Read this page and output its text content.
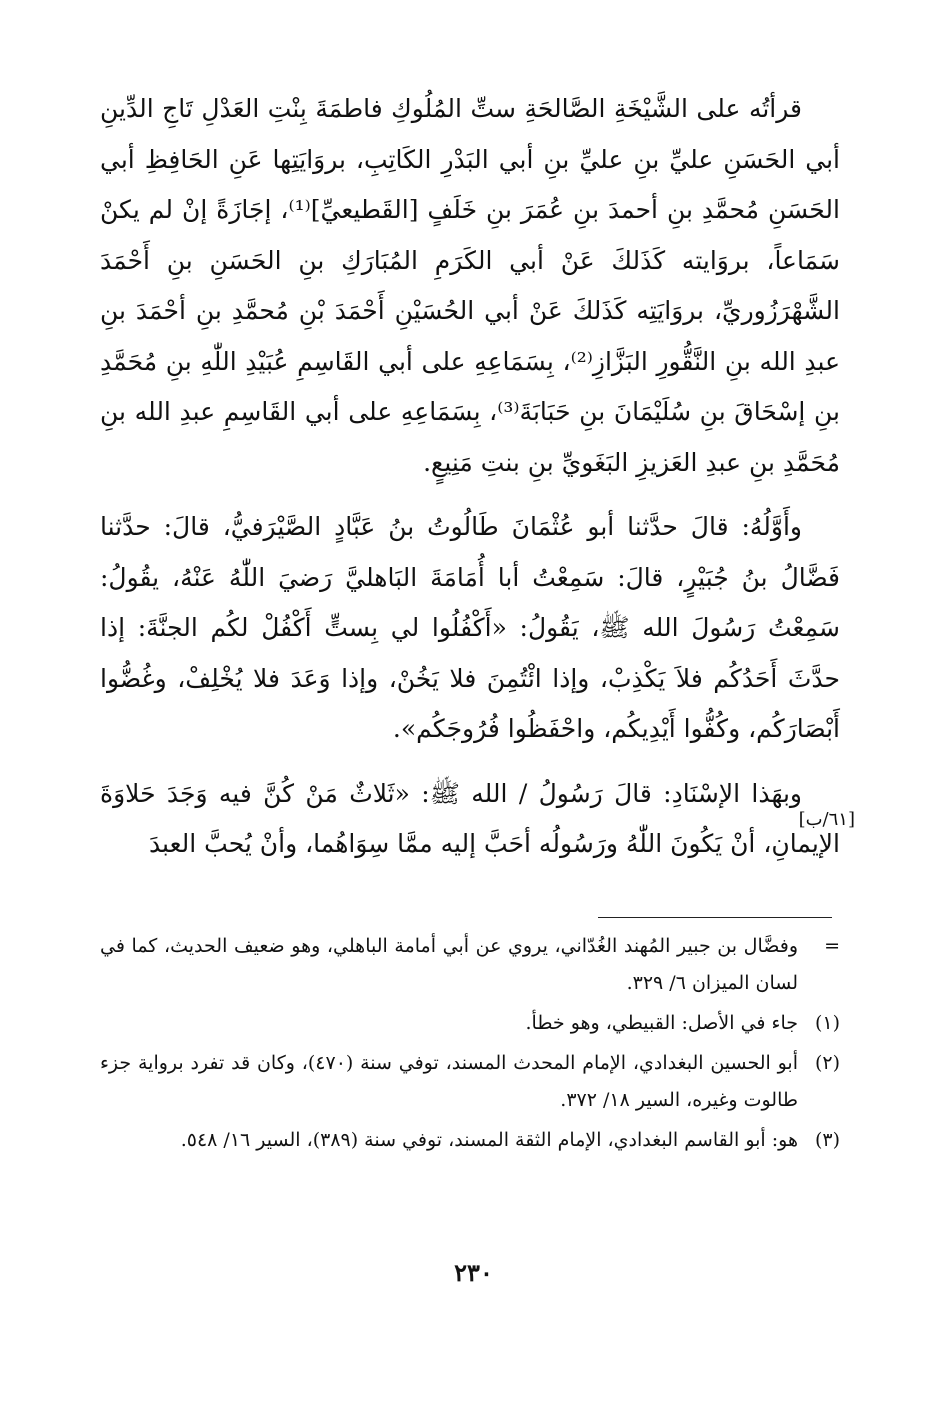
قرأتُه على الشَّيْخَةِ الصَّالحَةِ ستِّ المُلُوكِ فاطمَةَ بِنْتِ العَدْلِ تَاجِ الدِّينِ أبي الحَسَنِ عليِّ بنِ عليِّ بنِ أبي البَدْرِ الكَاتِبِ، بروَايَتِها عَنِ الحَافِظِ أبي الحَسَنِ مُحمَّدِ بنِ أحمدَ بنِ عُمَرَ بنِ خَلَفٍ [القَطيعيِّ]⁽¹⁾، إجَازَةً إنْ لم يكنْ سَمَاعاً، بروَايته كَذَلكَ عَنْ أبي الكَرَمِ المُبَارَكِ بنِ الحَسَنِ بنِ أَحْمَدَ الشَّهْرَزُوريِّ، بروَايَتِه كَذَلكَ عَنْ أبي الحُسَيْنِ أَحْمَدَ بْنِ مُحمَّدِ بنِ أحْمَدَ بنِ عبدِ الله بنِ النَّقُّورِ البَزَّازِ⁽²⁾، بِسَمَاعِهِ على أبي القَاسِمِ عُبَيْدِ اللّٰهِ بنِ مُحَمَّدِ بنِ إسْحَاقَ بنِ سُلَيْمَانَ بنِ حَبَابَةَ⁽³⁾، بِسَمَاعِهِ على أبي القَاسِمِ عبدِ الله بنِ مُحَمَّدِ بنِ عبدِ العَزيزِ البَغَويِّ بنِ بنتِ مَنِيعٍ.

وأَوَّلُهُ: قالَ حدَّثنا أبو عُثْمَانَ طَالُوتُ بنُ عَبَّادٍ الصَّيْرَفيُّ، قالَ: حدَّثنا فَضَّالُ بنُ جُبَيْرٍ، قالَ: سَمِعْتُ أبا أُمَامَةَ البَاهليَّ رَضيَ اللّٰهُ عَنْهُ، يقُولُ: سَمِعْتُ رَسُولَ الله ﷺ، يَقُولُ: «أَكْفُلُوا لي بِستٍّ أَكْفُلْ لكُم الجنَّةَ: إذا حدَّثَ أَحَدُكُم فلاَ يَكْذِبْ، وإذا ائْتُمِنَ فلا يَخُنْ، وإذا وَعَدَ فلا يُخْلِفْ، وغُضُّوا أَبْصَارَكُم، وكُفُّوا أَيْدِيكُم، واحْفَظُوا فُرُوجَكُم».

وبهَذا الإسْنَادِ: قالَ رَسُولُ / الله ﷺ: «ثَلاثٌ مَنْ كُنَّ فيه وَجَدَ حَلاوَةَ الإيمانِ، أنْ يَكُونَ اللّٰهُ ورَسُولُه أحَبَّ إليه ممَّا سِوَاهُما، وأنْ يُحبَّ العبدَ

[٦١/ب]
=
وفضَّال بن جبير المُهند الغُدّاني، يروي عن أبي أمامة الباهلي، وهو ضعيف الحديث، كما في لسان الميزان ٦/ ٣٢٩.
(١)
جاء في الأصل: القبيطي، وهو خطأ.
(٢)
أبو الحسين البغدادي، الإمام المحدث المسند، توفي سنة (٤٧٠)، وكان قد تفرد برواية جزء طالوت وغيره، السير ١٨/ ٣٧٢.
(٣)
هو: أبو القاسم البغدادي، الإمام الثقة المسند، توفي سنة (٣٨٩)، السير ١٦/ ٥٤٨.
٢٣٠
